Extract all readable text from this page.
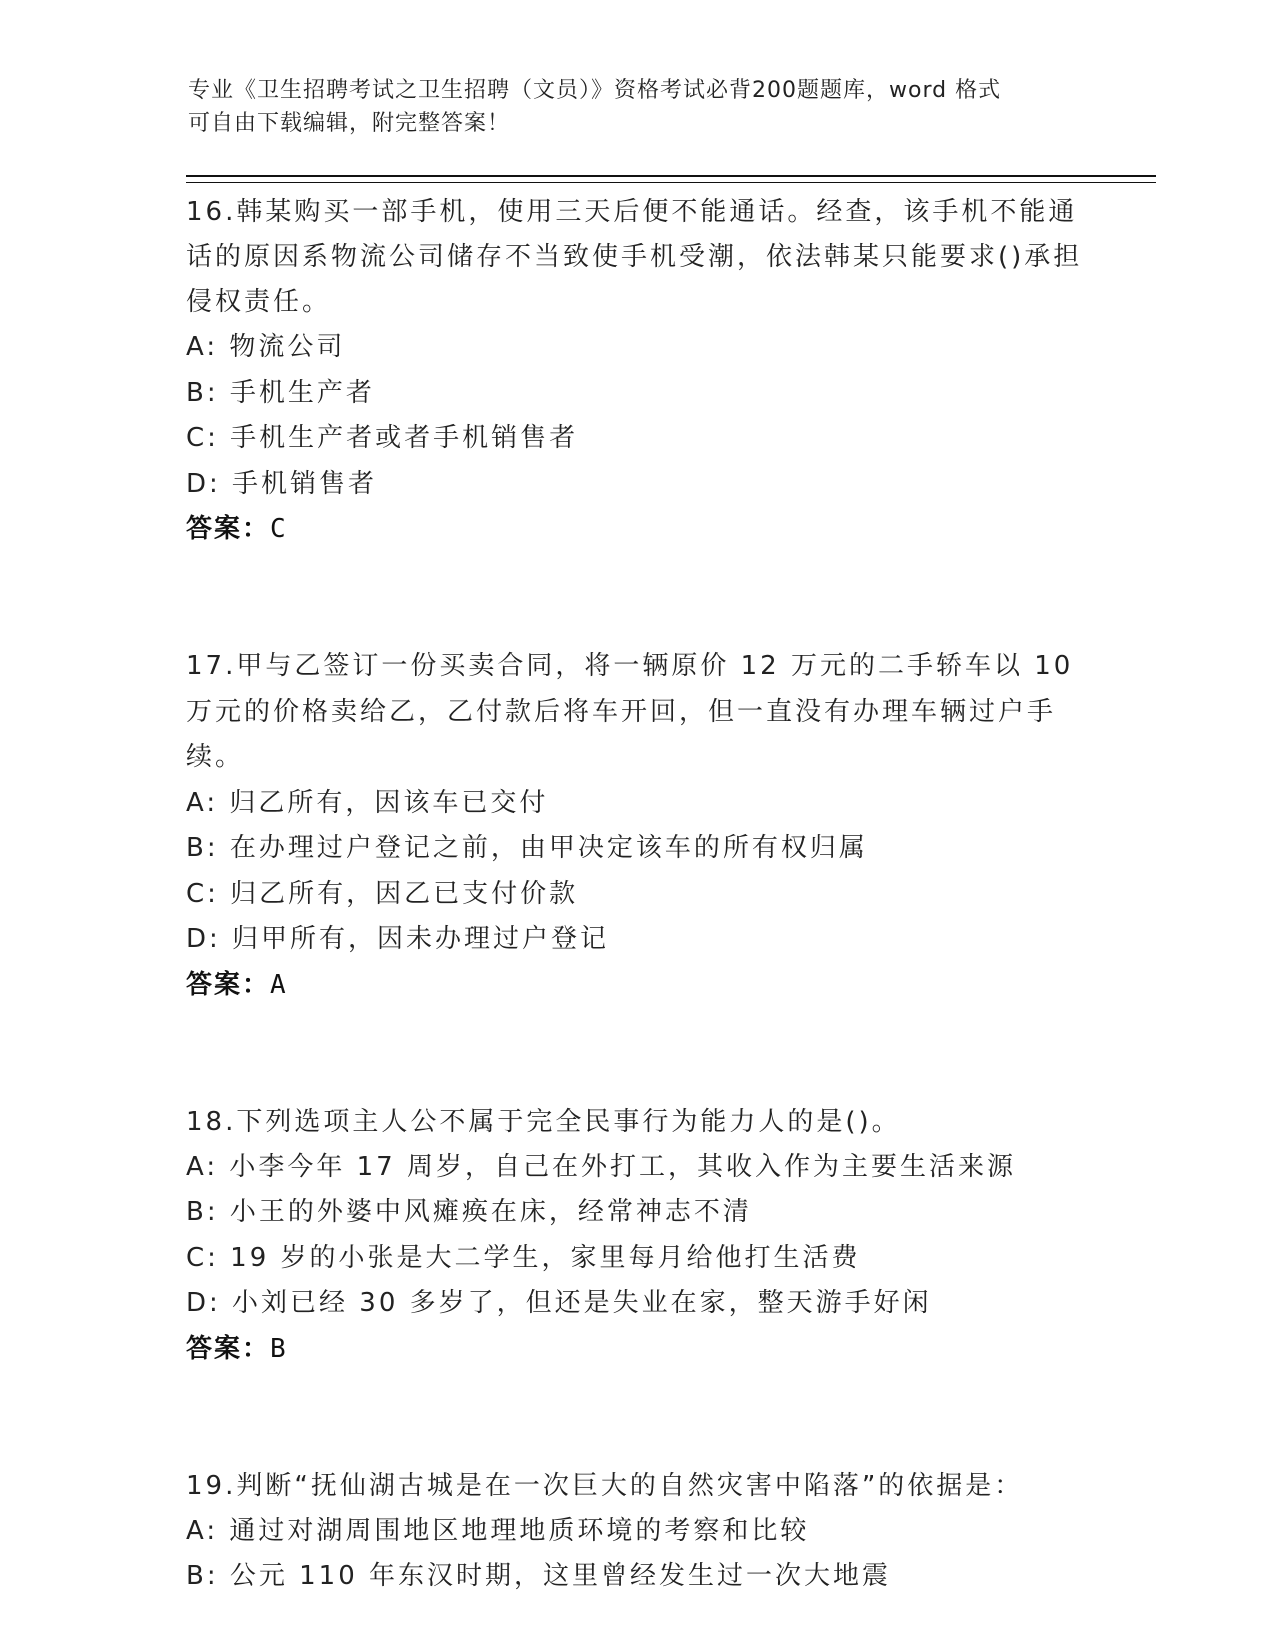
专业《卫生招聘考试之卫生招聘（文员）》资格考试必背200题题库，word 格式
可自由下载编辑，附完整答案！
16.韩某购买一部手机，使用三天后便不能通话。经查，该手机不能通话的原因系物流公司储存不当致使手机受潮，依法韩某只能要求()承担侵权责任。
A: 物流公司
B: 手机生产者
C: 手机生产者或者手机销售者
D: 手机销售者
答案：C
17.甲与乙签订一份买卖合同，将一辆原价 12 万元的二手轿车以 10 万元的价格卖给乙，乙付款后将车开回，但一直没有办理车辆过户手续。
A: 归乙所有，因该车已交付
B: 在办理过户登记之前，由甲决定该车的所有权归属
C: 归乙所有，因乙已支付价款
D: 归甲所有，因未办理过户登记
答案：A
18.下列选项主人公不属于完全民事行为能力人的是()。
A: 小李今年 17 周岁，自己在外打工，其收入作为主要生活来源
B: 小王的外婆中风瘫痪在床，经常神志不清
C: 19 岁的小张是大二学生，家里每月给他打生活费
D: 小刘已经 30 多岁了，但还是失业在家，整天游手好闲
答案：B
19.判断“抚仙湖古城是在一次巨大的自然灾害中陷落”的依据是：
A: 通过对湖周围地区地理地质环境的考察和比较
B: 公元 110 年东汉时期，这里曾经发生过一次大地震
